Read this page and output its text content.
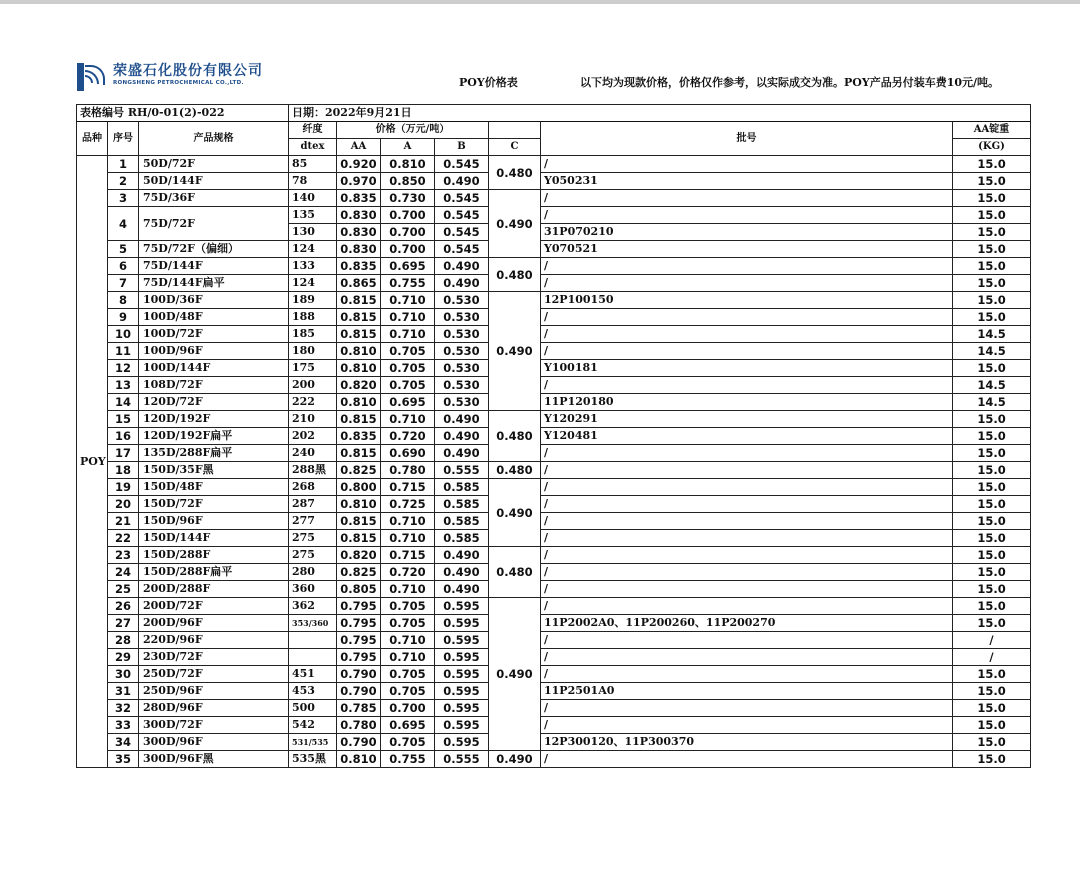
荣盛石化股份有限公司
RONGSHENG PETROCHEMICAL CO.,LTD.	POY价格表	以下均为现款价格，价格仅作参考，以实际成交为准。POY产品另付装车费10元/吨。
表格编号 RH/0-01(2)-022			日期：2022年9月21日						
品种	序号	产品规格	纤度	价格（万元/吨）				批号	AA锭重
			dtex	AA	A	B	C		(KG)
POY	1	50D/72F	85	0.920	0.810	0.545	0.480	/	15.0
	2	50D/144F	78	0.970	0.850	0.490		Y050231	15.0
	3	75D/36F	140	0.835	0.730	0.545	0.490	/	15.0
	4	75D/72F	135	0.830	0.700	0.545		/	15.0
			130	0.830	0.700	0.545		31P070210	15.0
	5	75D/72F（偏细）	124	0.830	0.700	0.545		Y070521	15.0
	6	75D/144F	133	0.835	0.695	0.490	0.480	/	15.0
	7	75D/144F扁平	124	0.865	0.755	0.490		/	15.0
	8	100D/36F	189	0.815	0.710	0.530	0.490	12P100150	15.0
	9	100D/48F	188	0.815	0.710	0.530		/	15.0
	10	100D/72F	185	0.815	0.710	0.530		/	14.5
	11	100D/96F	180	0.810	0.705	0.530		/	14.5
	12	100D/144F	175	0.810	0.705	0.530		Y100181	15.0
	13	108D/72F	200	0.820	0.705	0.530		/	14.5
	14	120D/72F	222	0.810	0.695	0.530		11P120180	14.5
	15	120D/192F	210	0.815	0.710	0.490	0.480	Y120291	15.0
	16	120D/192F扁平	202	0.835	0.720	0.490		Y120481	15.0
	17	135D/288F扁平	240	0.815	0.690	0.490		/	15.0
	18	150D/35F黑	288黑	0.825	0.780	0.555	0.480	/	15.0
	19	150D/48F	268	0.800	0.715	0.585	0.490	/	15.0
	20	150D/72F	287	0.810	0.725	0.585		/	15.0
	21	150D/96F	277	0.815	0.710	0.585		/	15.0
	22	150D/144F	275	0.815	0.710	0.585		/	15.0
	23	150D/288F	275	0.820	0.715	0.490	0.480	/	15.0
	24	150D/288F扁平	280	0.825	0.720	0.490		/	15.0
	25	200D/288F	360	0.805	0.710	0.490		/	15.0
	26	200D/72F	362	0.795	0.705	0.595	0.490	/	15.0
	27	200D/96F	353/360	0.795	0.705	0.595		11P2002A0、11P200260、11P200270	15.0
	28	220D/96F		0.795	0.710	0.595		/	/
	29	230D/72F		0.795	0.710	0.595		/	/
	30	250D/72F	451	0.790	0.705	0.595		/	15.0
	31	250D/96F	453	0.790	0.705	0.595		11P2501A0	15.0
	32	280D/96F	500	0.785	0.700	0.595		/	15.0
	33	300D/72F	542	0.780	0.695	0.595		/	15.0
	34	300D/96F	531/535	0.790	0.705	0.595		12P300120、11P300370	15.0
	35	300D/96F黑	535黑	0.810	0.755	0.555	0.490	/	15.0
